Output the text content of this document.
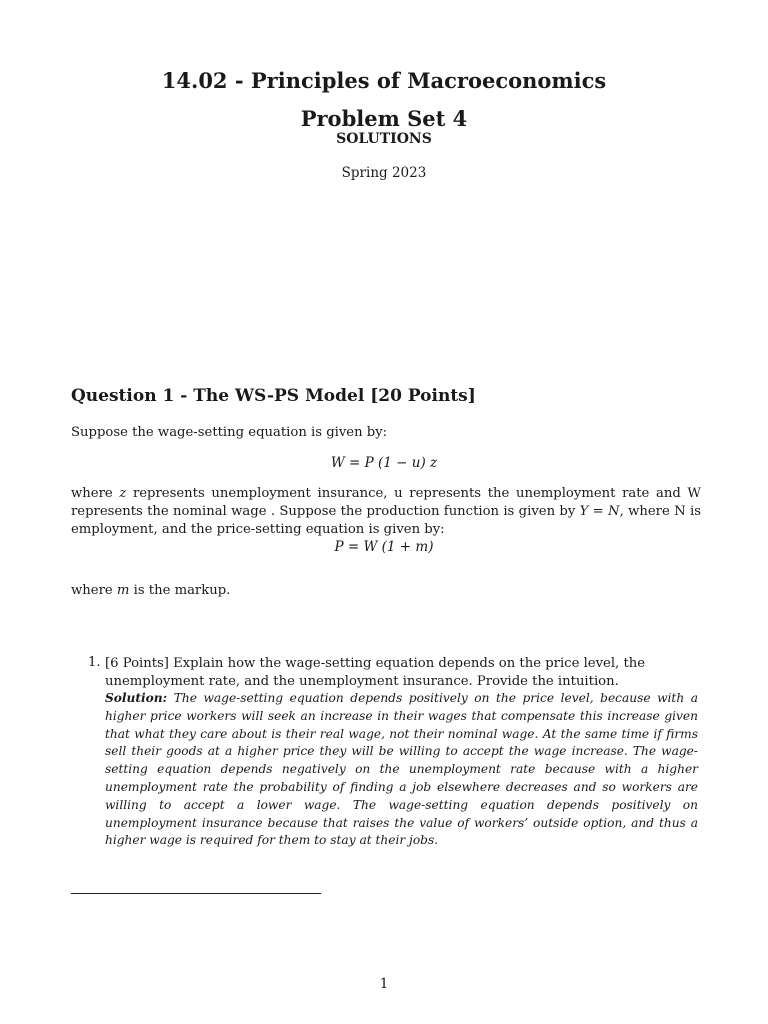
14.02 - Principles of Macroeconomics
Problem Set 4
SOLUTIONS
Spring 2023
Question 1 - The WS-PS Model [20 Points]
Suppose the wage-setting equation is given by:
W = P (1 − u) z
where z represents unemployment insurance, u represents the unemployment rate and W represents the nominal wage . Suppose the production function is given by Y = N, where N is employment, and the price-setting equation is given by:
P = W (1 + m)
where m is the markup.
1. [6 Points] Explain how the wage-setting equation depends on the price level, the unemployment rate, and the unemployment insurance. Provide the intuition.
Solution: The wage-setting equation depends positively on the price level, because with a higher price workers will seek an increase in their wages that compensate this increase given that what they care about is their real wage, not their nominal wage. At the same time if firms sell their goods at a higher price they will be willing to accept the wage increase. The wage-setting equation depends negatively on the unemployment rate because with a higher unemployment rate the probability of finding a job elsewhere decreases and so workers are willing to accept a lower wage. The wage-setting equation depends positively on unemployment insurance because that raises the value of workers’ outside option, and thus a higher wage is required for them to stay at their jobs.
1
